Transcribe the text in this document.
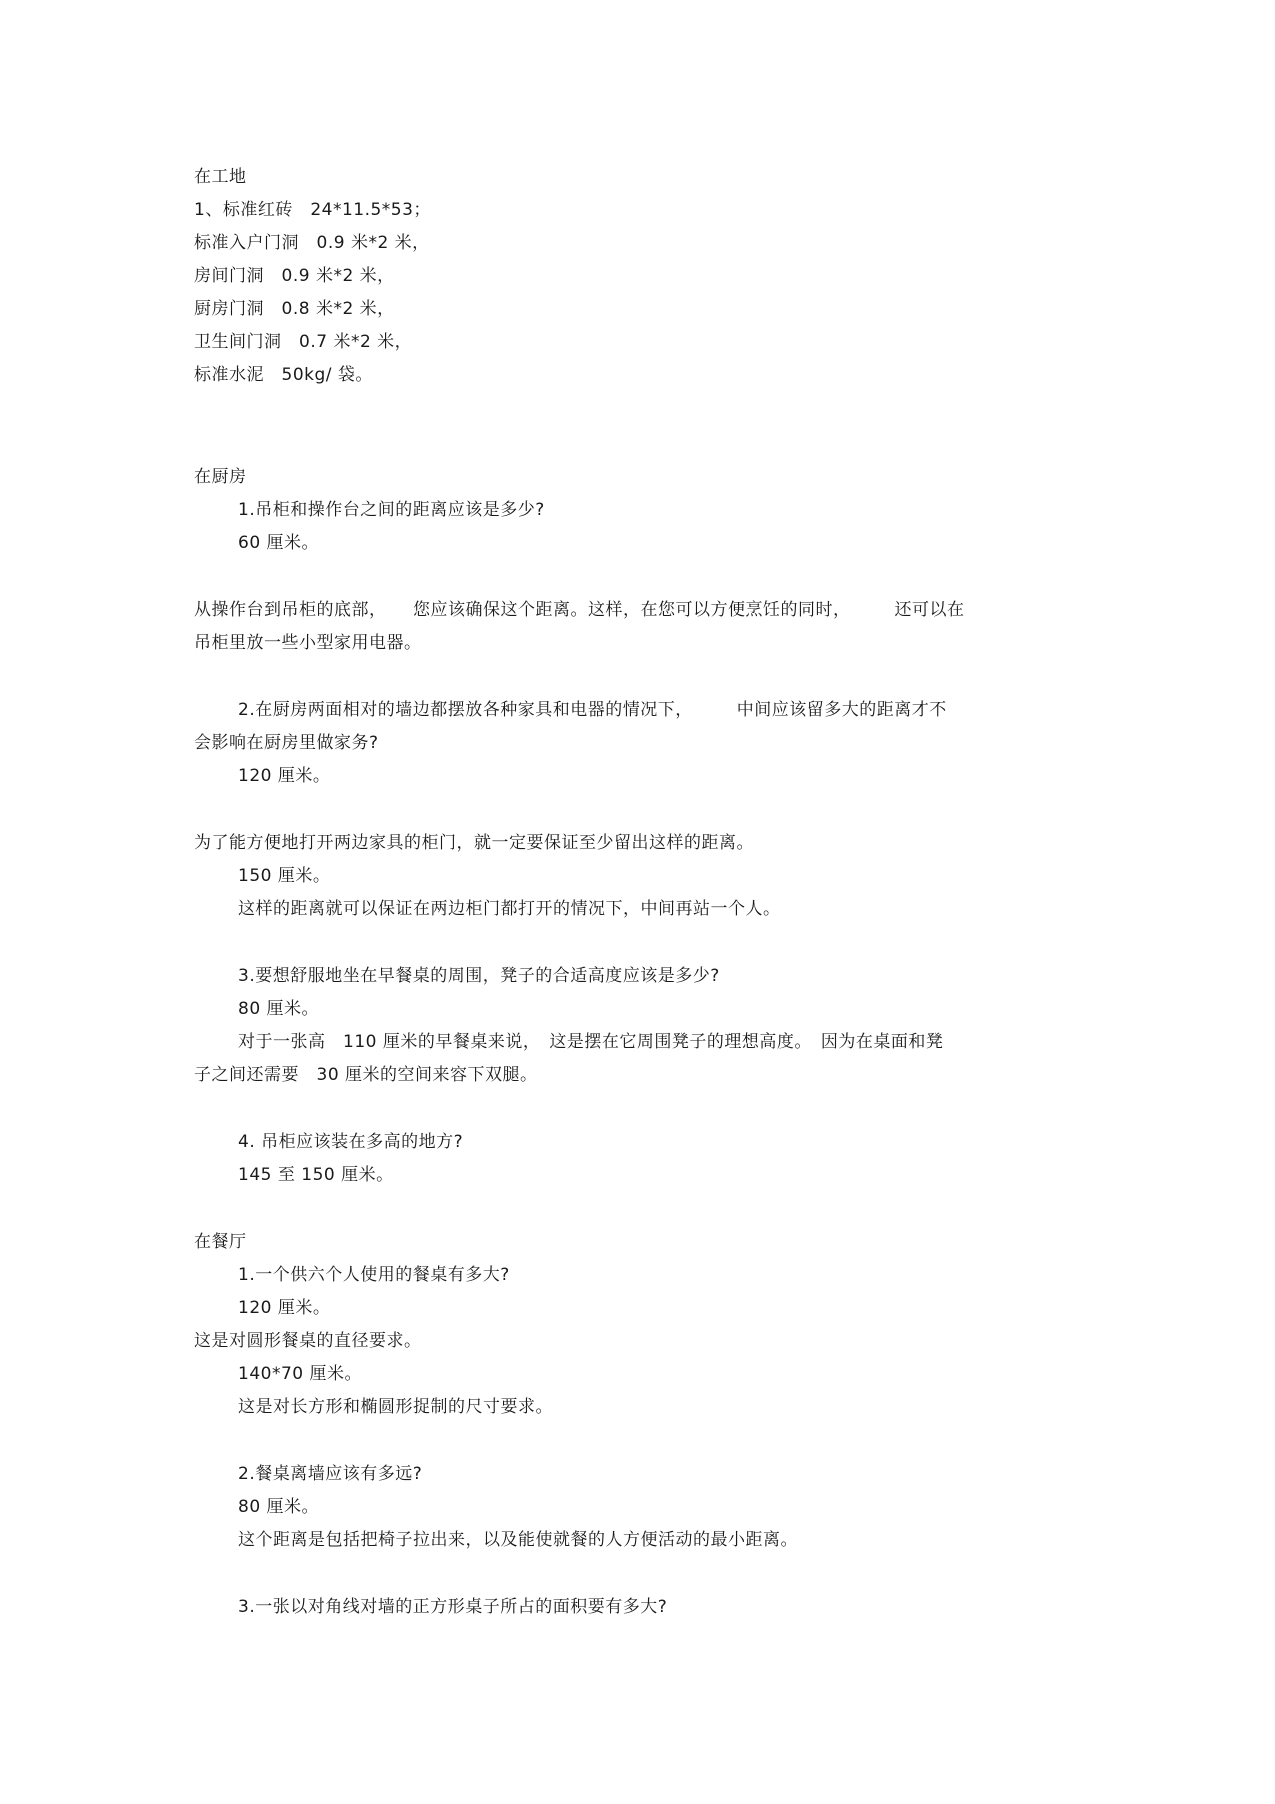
在工地

1、标准红砖　24*11.5*53；

标准入户门洞　0.9 米*2 米，

房间门洞　0.9 米*2 米，

厨房门洞　0.8 米*2 米，

卫生间门洞　0.7 米*2 米，

标准水泥　50kg/ 袋。

在厨房

1.吊柜和操作台之间的距离应该是多少?

60 厘米。

从操作台到吊柜的底部，　　您应该确保这个距离。这样，在您可以方便烹饪的同时，　　　还可以在

吊柜里放一些小型家用电器。

2.在厨房两面相对的墙边都摆放各种家具和电器的情况下，　　　中间应该留多大的距离才不

会影响在厨房里做家务?

120 厘米。

为了能方便地打开两边家具的柜门，就一定要保证至少留出这样的距离。

150 厘米。

这样的距离就可以保证在两边柜门都打开的情况下，中间再站一个人。

3.要想舒服地坐在早餐桌的周围，凳子的合适高度应该是多少?

80 厘米。

对于一张高　110 厘米的早餐桌来说，　这是摆在它周围凳子的理想高度。　因为在桌面和凳

子之间还需要　30 厘米的空间来容下双腿。

4. 吊柜应该装在多高的地方?

145 至 150 厘米。

在餐厅

1.一个供六个人使用的餐桌有多大?

120 厘米。

这是对圆形餐桌的直径要求。

140*70 厘米。

这是对长方形和椭圆形捉制的尺寸要求。

2.餐桌离墙应该有多远?

80 厘米。

这个距离是包括把椅子拉出来，以及能使就餐的人方便活动的最小距离。

3.一张以对角线对墙的正方形桌子所占的面积要有多大?
